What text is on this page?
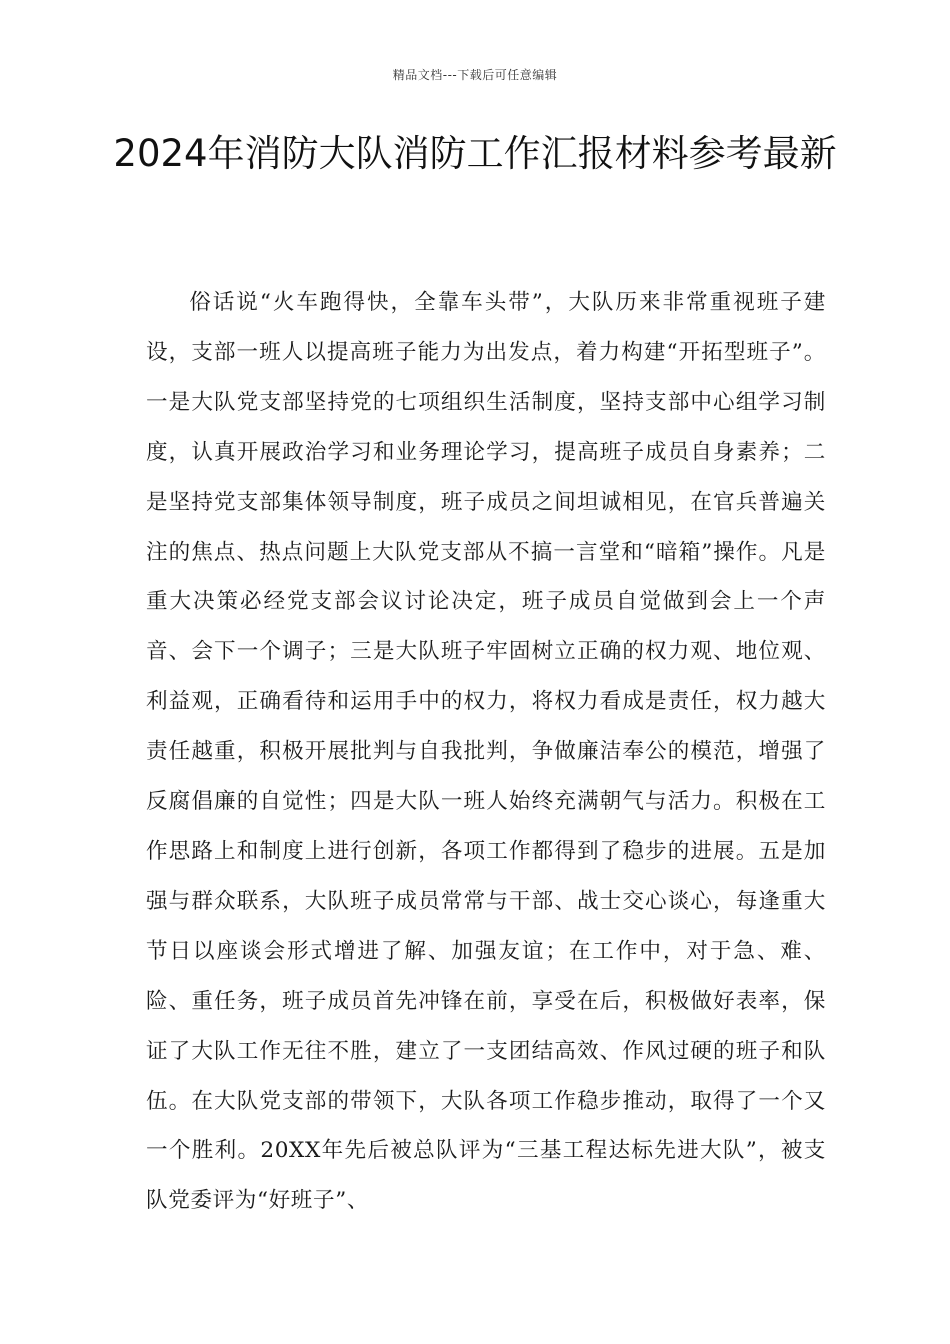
精品文档---下载后可任意编辑
2024年消防大队消防工作汇报材料参考最新

俗话说“火车跑得快，全靠车头带”，大队历来非常重视班子建设，支部一班人以提高班子能力为出发点，着力构建“开拓型班子”。一是大队党支部坚持党的七项组织生活制度，坚持支部中心组学习制度，认真开展政治学习和业务理论学习，提高班子成员自身素养；二是坚持党支部集体领导制度，班子成员之间坦诚相见，在官兵普遍关注的焦点、热点问题上大队党支部从不搞一言堂和“暗箱”操作。凡是重大决策必经党支部会议讨论决定，班子成员自觉做到会上一个声音、会下一个调子；三是大队班子牢固树立正确的权力观、地位观、利益观，正确看待和运用手中的权力，将权力看成是责任，权力越大责任越重，积极开展批判与自我批判，争做廉洁奉公的模范，增强了反腐倡廉的自觉性；四是大队一班人始终充满朝气与活力。积极在工作思路上和制度上进行创新，各项工作都得到了稳步的进展。五是加强与群众联系，大队班子成员常常与干部、战士交心谈心，每逢重大节日以座谈会形式增进了解、加强友谊；在工作中，对于急、难、险、重任务，班子成员首先冲锋在前，享受在后，积极做好表率，保证了大队工作无往不胜，建立了一支团结高效、作风过硬的班子和队伍。在大队党支部的带领下，大队各项工作稳步推动，取得了一个又一个胜利。20XX年先后被总队评为“三基工程达标先进大队”，被支队党委评为“好班子”、
